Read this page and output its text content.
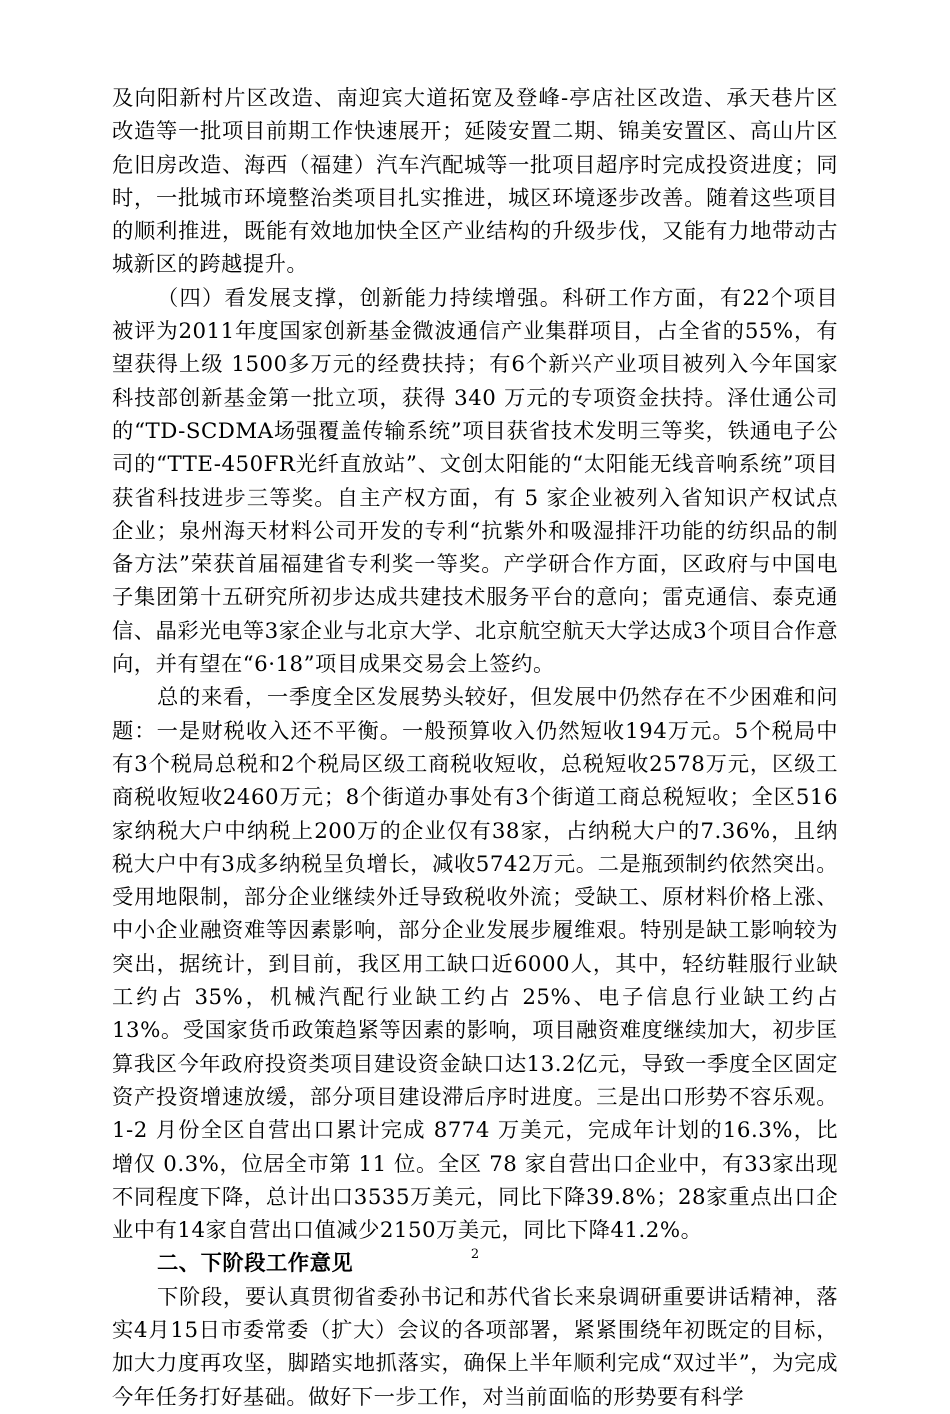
及向阳新村片区改造、南迎宾大道拓宽及登峰-亭店社区改造、承天巷片区改造等一批项目前期工作快速展开；延陵安置二期、锦美安置区、高山片区危旧房改造、海西（福建）汽车汽配城等一批项目超序时完成投资进度；同时，一批城市环境整治类项目扎实推进，城区环境逐步改善。随着这些项目的顺利推进，既能有效地加快全区产业结构的升级步伐，又能有力地带动古城新区的跨越提升。

（四）看发展支撑，创新能力持续增强。科研工作方面，有22个项目被评为2011年度国家创新基金微波通信产业集群项目，占全省的55%，有望获得上级 1500多万元的经费扶持；有6个新兴产业项目被列入今年国家科技部创新基金第一批立项，获得 340 万元的专项资金扶持。泽仕通公司的“TD-SCDMA场强覆盖传输系统”项目获省技术发明三等奖，铁通电子公司的“TTE-450FR光纤直放站”、文创太阳能的“太阳能无线音响系统”项目获省科技进步三等奖。自主产权方面，有 5 家企业被列入省知识产权试点企业；泉州海天材料公司开发的专利“抗紫外和吸湿排汗功能的纺织品的制备方法”荣获首届福建省专利奖一等奖。产学研合作方面，区政府与中国电子集团第十五研究所初步达成共建技术服务平台的意向；雷克通信、泰克通信、晶彩光电等3家企业与北京大学、北京航空航天大学达成3个项目合作意向，并有望在“6·18”项目成果交易会上签约。

总的来看，一季度全区发展势头较好，但发展中仍然存在不少困难和问题：一是财税收入还不平衡。一般预算收入仍然短收194万元。5个税局中有3个税局总税和2个税局区级工商税收短收，总税短收2578万元，区级工商税收短收2460万元；8个街道办事处有3个街道工商总税短收；全区516家纳税大户中纳税上200万的企业仅有38家，占纳税大户的7.36%，且纳税大户中有3成多纳税呈负增长，减收5742万元。二是瓶颈制约依然突出。受用地限制，部分企业继续外迁导致税收外流；受缺工、原材料价格上涨、中小企业融资难等因素影响，部分企业发展步履维艰。特别是缺工影响较为突出，据统计，到目前，我区用工缺口近6000人，其中，轻纺鞋服行业缺工约占 35%，机械汽配行业缺工约占 25%、电子信息行业缺工约占 13%。受国家货币政策趋紧等因素的影响，项目融资难度继续加大，初步匡算我区今年政府投资类项目建设资金缺口达13.2亿元，导致一季度全区固定资产投资增速放缓，部分项目建设滞后序时进度。三是出口形势不容乐观。1-2 月份全区自营出口累计完成 8774 万美元，完成年计划的16.3%，比增仅 0.3%，位居全市第 11 位。全区 78 家自营出口企业中，有33家出现不同程度下降，总计出口3535万美元，同比下降39.8%；28家重点出口企业中有14家自营出口值减少2150万美元，同比下降41.2%。

二、下阶段工作意见

下阶段，要认真贯彻省委孙书记和苏代省长来泉调研重要讲话精神，落实4月15日市委常委（扩大）会议的各项部署，紧紧围绕年初既定的目标，加大力度再攻坚，脚踏实地抓落实，确保上半年顺利完成“双过半”，为完成今年任务打好基础。做好下一步工作，对当前面临的形势要有科学

2
